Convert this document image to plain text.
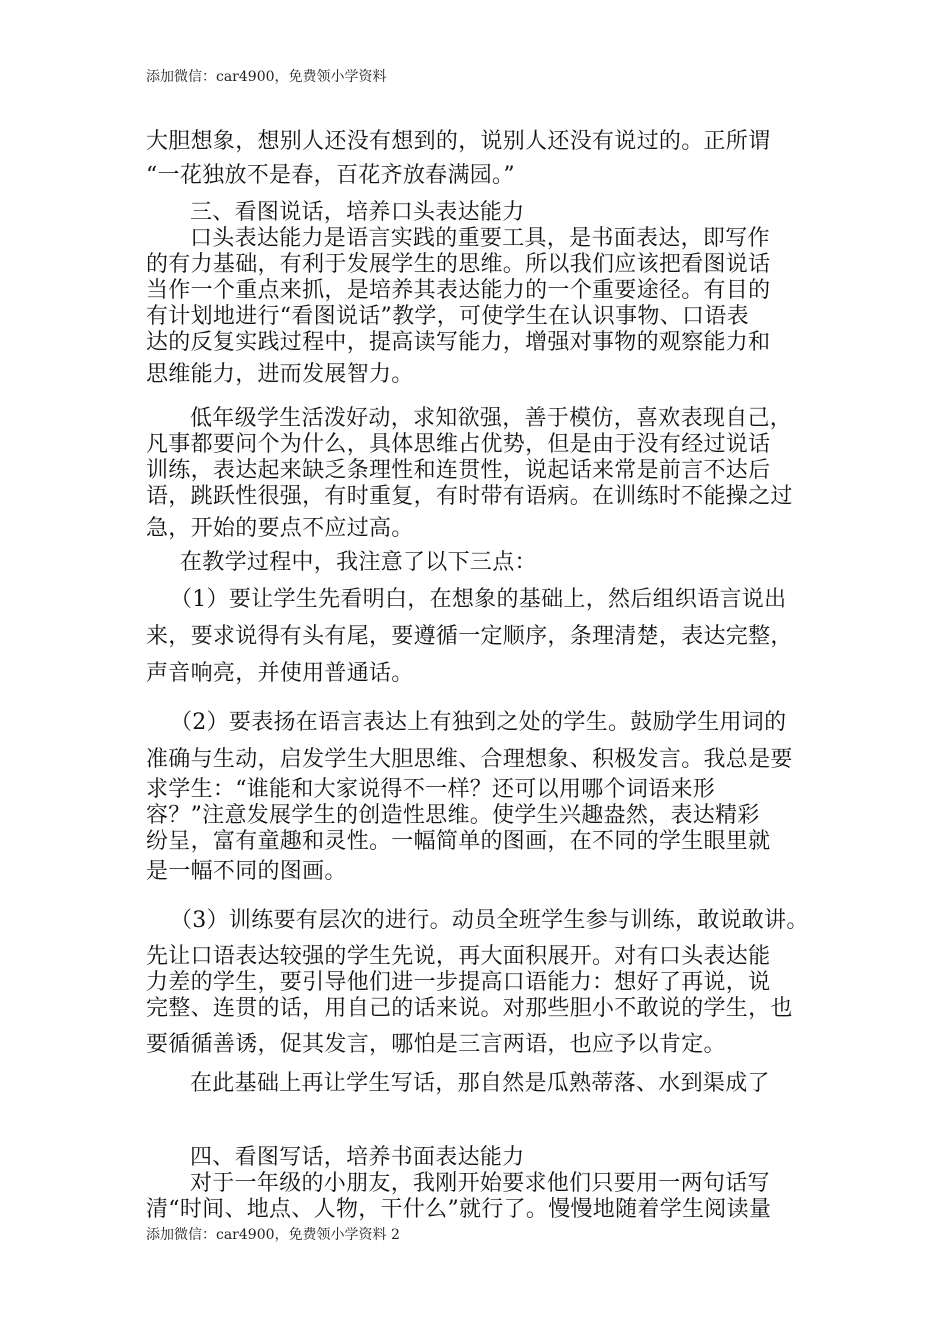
添加微信：car4900，免费领小学资料
大胆想象，想别人还没有想到的，说别人还没有说过的。正所谓
“一花独放不是春，百花齐放春满园。”
三、看图说话，培养口头表达能力
口头表达能力是语言实践的重要工具，是书面表达，即写作
的有力基础，有利于发展学生的思维。所以我们应该把看图说话
当作一个重点来抓，是培养其表达能力的一个重要途径。有目的
有计划地进行“看图说话”教学，可使学生在认识事物、口语表
达的反复实践过程中，提高读写能力，增强对事物的观察能力和
思维能力，进而发展智力。
低年级学生活泼好动，求知欲强，善于模仿，喜欢表现自己，
凡事都要问个为什么，具体思维占优势，但是由于没有经过说话
训练，表达起来缺乏条理性和连贯性，说起话来常是前言不达后
语，跳跃性很强，有时重复，有时带有语病。在训练时不能操之过
急，开始的要点不应过高。
在教学过程中，我注意了以下三点：
（1）要让学生先看明白，在想象的基础上，然后组织语言说出
来，要求说得有头有尾，要遵循一定顺序，条理清楚，表达完整，
声音响亮，并使用普通话。
（2）要表扬在语言表达上有独到之处的学生。鼓励学生用词的
准确与生动，启发学生大胆思维、合理想象、积极发言。我总是要
求学生：“谁能和大家说得不一样？还可以用哪个词语来形
容？”注意发展学生的创造性思维。使学生兴趣盎然，表达精彩
纷呈，富有童趣和灵性。一幅简单的图画，在不同的学生眼里就
是一幅不同的图画。
（3）训练要有层次的进行。动员全班学生参与训练，敢说敢讲。
先让口语表达较强的学生先说，再大面积展开。对有口头表达能
力差的学生，要引导他们进一步提高口语能力：想好了再说，说
完整、连贯的话，用自己的话来说。对那些胆小不敢说的学生，也
要循循善诱，促其发言，哪怕是三言两语，也应予以肯定。
在此基础上再让学生写话，那自然是瓜熟蒂落、水到渠成了
四、看图写话，培养书面表达能力
对于一年级的小朋友，我刚开始要求他们只要用一两句话写
清“时间、地点、人物，干什么”就行了。慢慢地随着学生阅读量
添加微信：car4900，免费领小学资料 2
